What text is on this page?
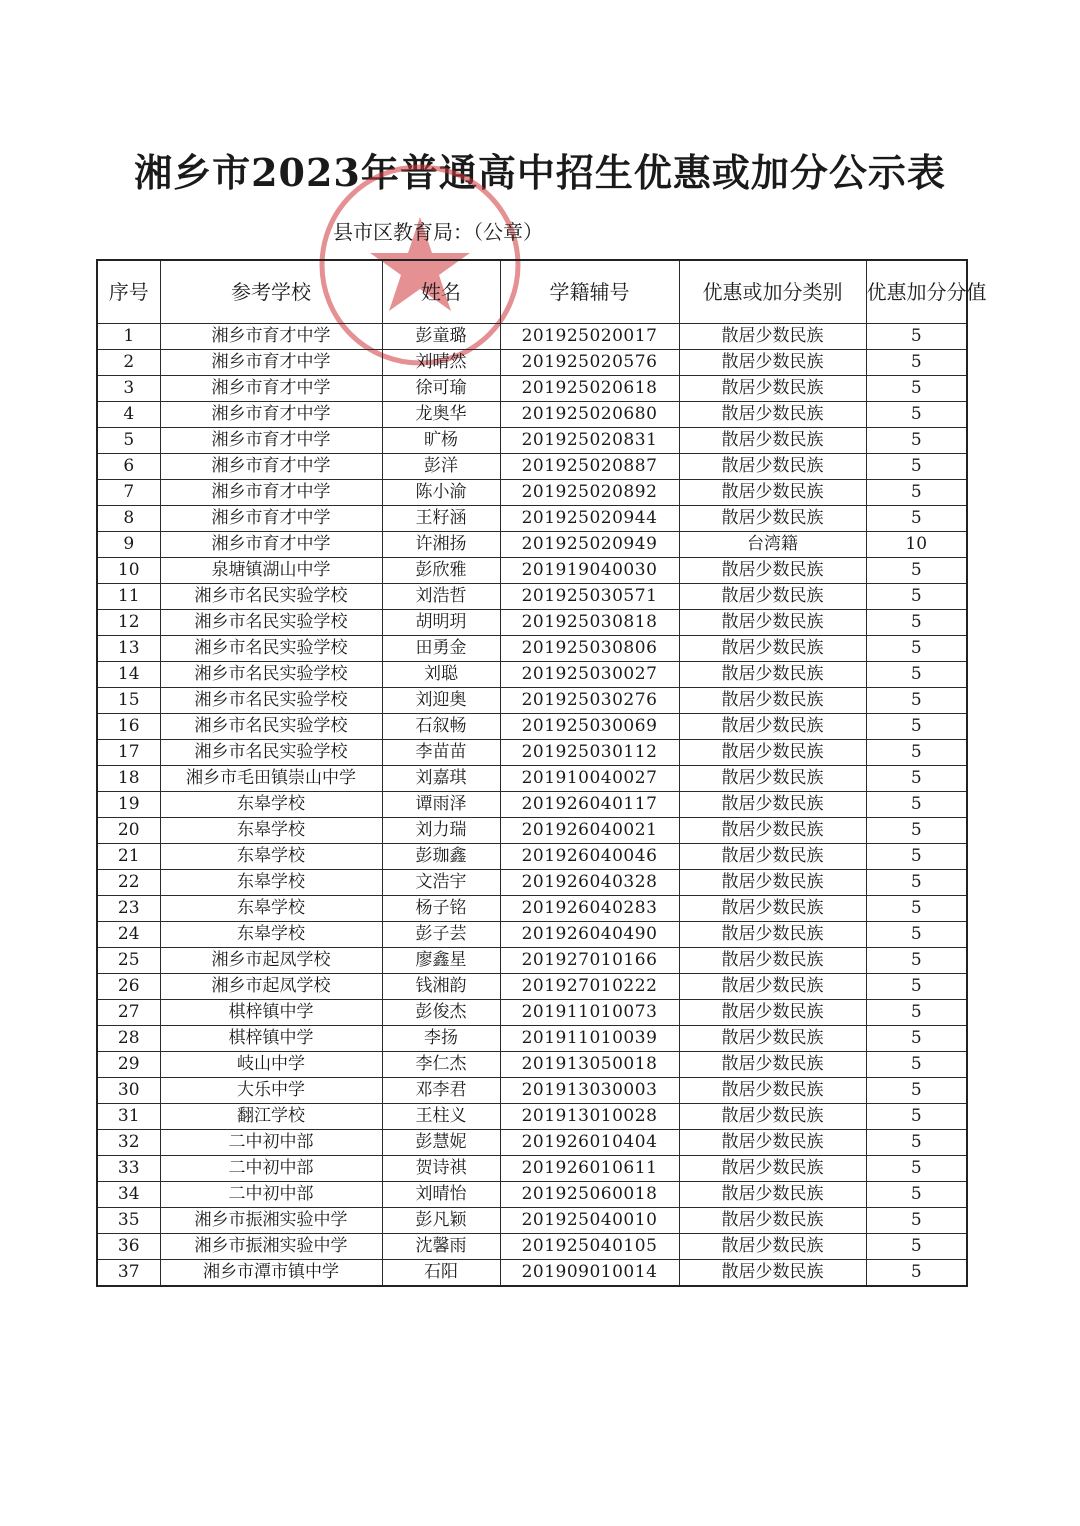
湘乡市2023年普通高中招生优惠或加分公示表

县市区教育局：（公章）

序号	参考学校	姓名	学籍辅号	优惠或加分类别	优惠加分分值
1	湘乡市育才中学	彭童璐	201925020017	散居少数民族	5
2	湘乡市育才中学	刘晴然	201925020576	散居少数民族	5
3	湘乡市育才中学	徐可瑜	201925020618	散居少数民族	5
4	湘乡市育才中学	龙奥华	201925020680	散居少数民族	5
5	湘乡市育才中学	旷杨	201925020831	散居少数民族	5
6	湘乡市育才中学	彭洋	201925020887	散居少数民族	5
7	湘乡市育才中学	陈小渝	201925020892	散居少数民族	5
8	湘乡市育才中学	王籽涵	201925020944	散居少数民族	5
9	湘乡市育才中学	许湘扬	201925020949	台湾籍	10
10	泉塘镇湖山中学	彭欣雅	201919040030	散居少数民族	5
11	湘乡市名民实验学校	刘浩哲	201925030571	散居少数民族	5
12	湘乡市名民实验学校	胡明玥	201925030818	散居少数民族	5
13	湘乡市名民实验学校	田勇金	201925030806	散居少数民族	5
14	湘乡市名民实验学校	刘聪	201925030027	散居少数民族	5
15	湘乡市名民实验学校	刘迎奥	201925030276	散居少数民族	5
16	湘乡市名民实验学校	石叙畅	201925030069	散居少数民族	5
17	湘乡市名民实验学校	李苗苗	201925030112	散居少数民族	5
18	湘乡市毛田镇崇山中学	刘嘉琪	201910040027	散居少数民族	5
19	东皋学校	谭雨泽	201926040117	散居少数民族	5
20	东皋学校	刘力瑞	201926040021	散居少数民族	5
21	东皋学校	彭珈鑫	201926040046	散居少数民族	5
22	东皋学校	文浩宇	201926040328	散居少数民族	5
23	东皋学校	杨子铭	201926040283	散居少数民族	5
24	东皋学校	彭子芸	201926040490	散居少数民族	5
25	湘乡市起凤学校	廖鑫星	201927010166	散居少数民族	5
26	湘乡市起凤学校	钱湘韵	201927010222	散居少数民族	5
27	棋梓镇中学	彭俊杰	201911010073	散居少数民族	5
28	棋梓镇中学	李扬	201911010039	散居少数民族	5
29	岐山中学	李仁杰	201913050018	散居少数民族	5
30	大乐中学	邓李君	201913030003	散居少数民族	5
31	翻江学校	王柱义	201913010028	散居少数民族	5
32	二中初中部	彭慧妮	201926010404	散居少数民族	5
33	二中初中部	贺诗祺	201926010611	散居少数民族	5
34	二中初中部	刘晴怡	201925060018	散居少数民族	5
35	湘乡市振湘实验中学	彭凡颖	201925040010	散居少数民族	5
36	湘乡市振湘实验中学	沈馨雨	201925040105	散居少数民族	5
37	湘乡市潭市镇中学	石阳	201909010014	散居少数民族	5
